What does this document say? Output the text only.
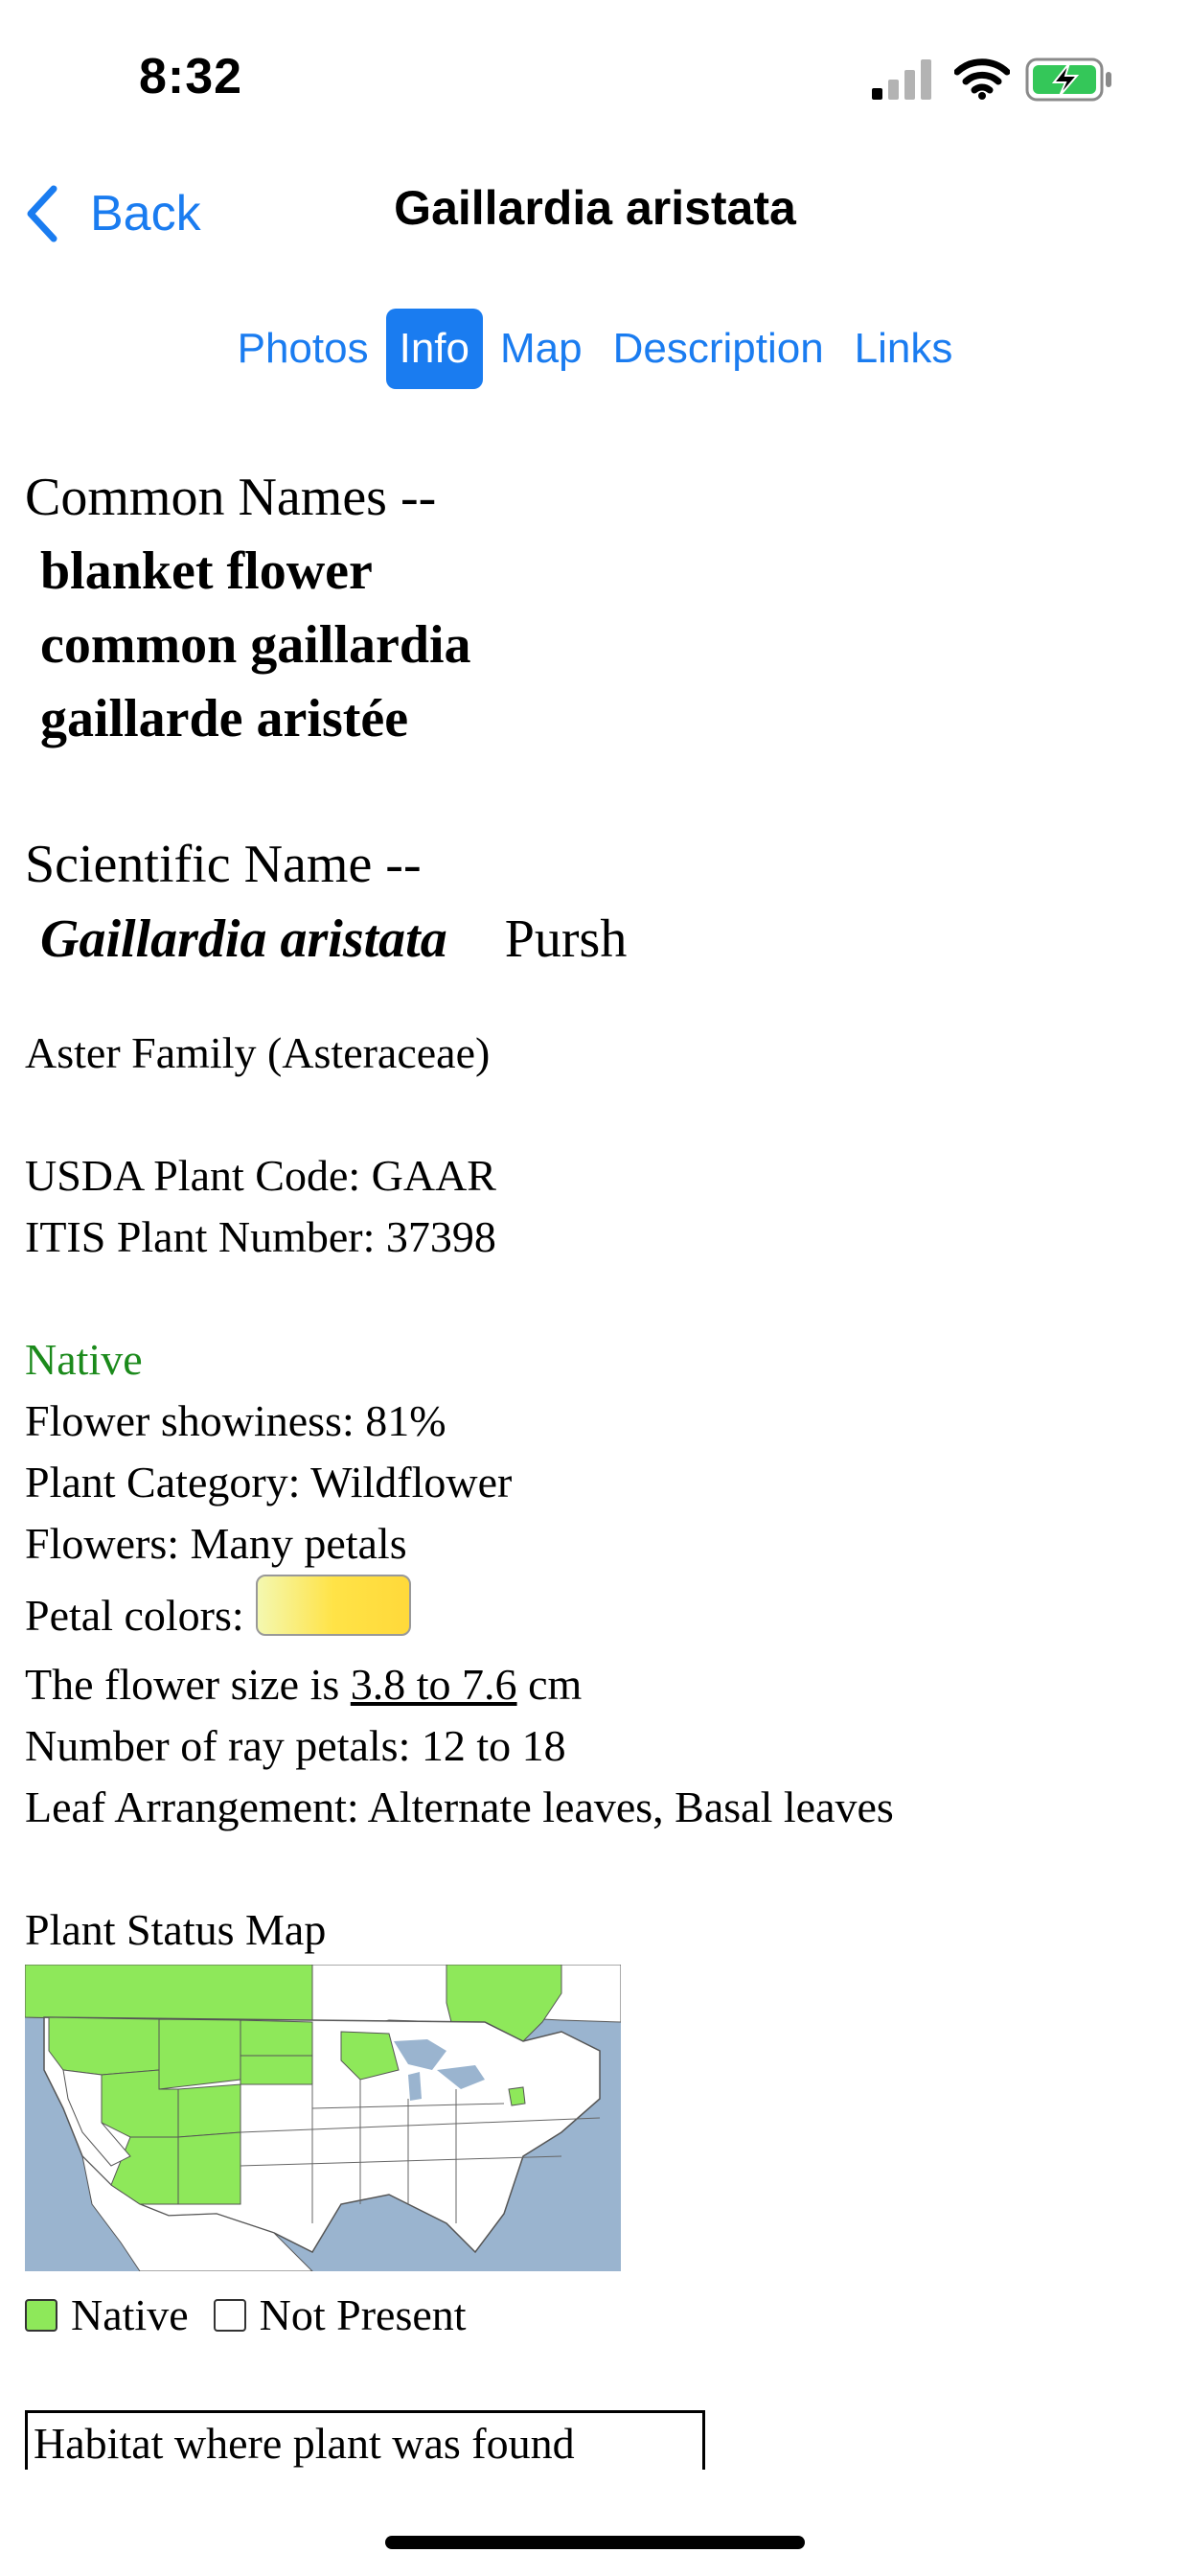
8:32
Back	Gaillardia aristata
Photos Info Map Description Links
Common Names --
blanket flower
common gaillardia
gaillarde aristée
Scientific Name --
Gaillardia aristata Pursh
Aster Family (Asteraceae)
USDA Plant Code: GAAR
ITIS Plant Number: 37398
Native
Flower showiness: 81%
Plant Category: Wildflower
Flowers: Many petals
Petal colors:
The flower size is 3.8 to 7.6 cm
Number of ray petals: 12 to 18
Leaf Arrangement: Alternate leaves, Basal leaves
Plant Status Map
Native Not Present
Habitat where plant was found
